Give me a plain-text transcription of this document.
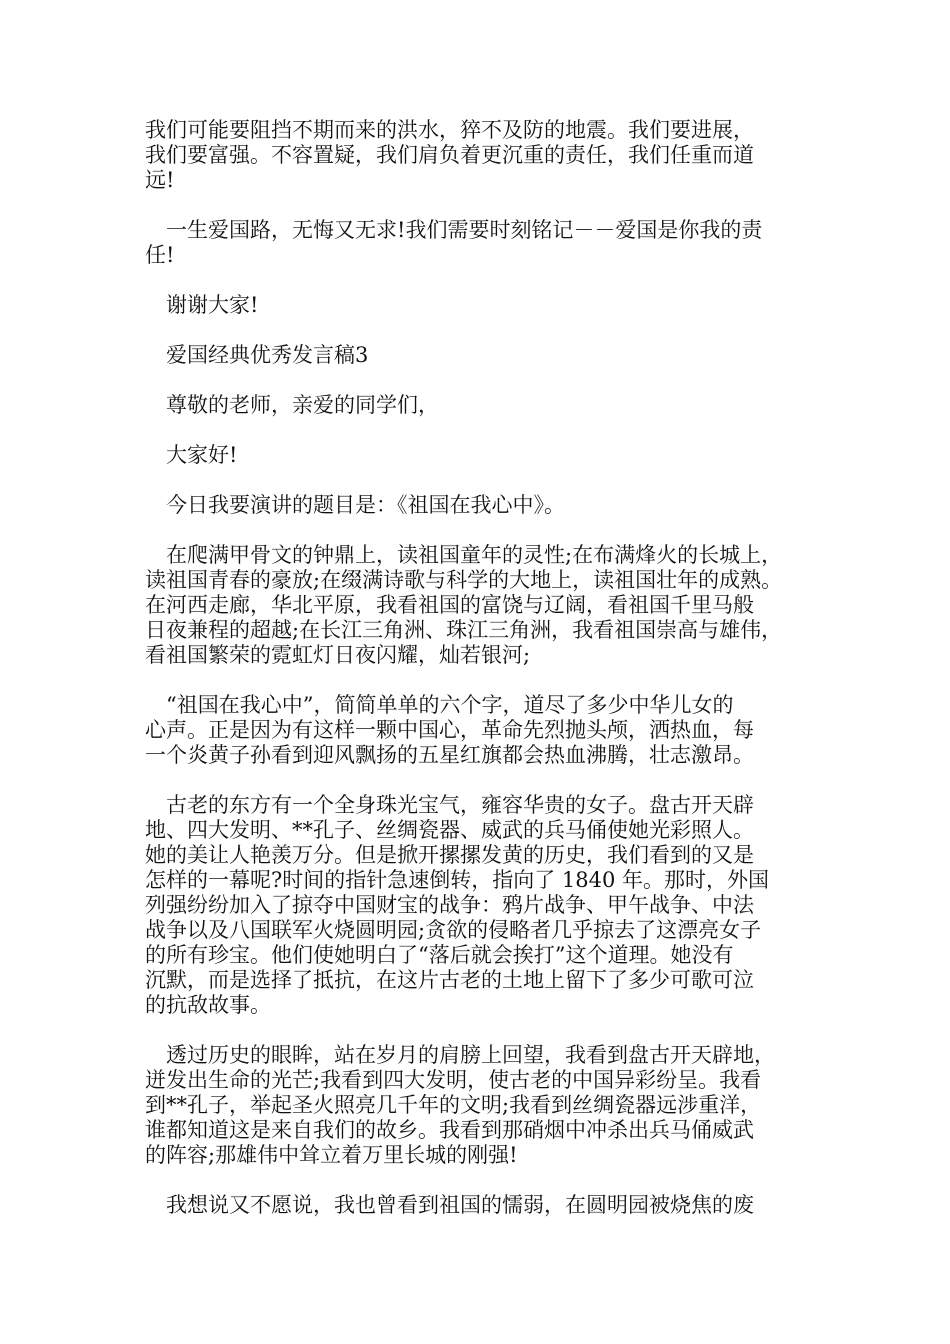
我们可能要阻挡不期而来的洪水，猝不及防的地震。我们要进展，
我们要富强。不容置疑，我们肩负着更沉重的责任，我们任重而道
远!

一生爱国路，无悔又无求!我们需要时刻铭记－－爱国是你我的责
任!

谢谢大家!

爱国经典优秀发言稿3

尊敬的老师，亲爱的同学们，

大家好!

今日我要演讲的题目是：《祖国在我心中》。

在爬满甲骨文的钟鼎上，读祖国童年的灵性;在布满烽火的长城上，
读祖国青春的豪放;在缀满诗歌与科学的大地上，读祖国壮年的成熟。
在河西走廊，华北平原，我看祖国的富饶与辽阔，看祖国千里马般
日夜兼程的超越;在长江三角洲、珠江三角洲，我看祖国崇高与雄伟，
看祖国繁荣的霓虹灯日夜闪耀，灿若银河;

“祖国在我心中”，简简单单的六个字，道尽了多少中华儿女的
心声。正是因为有这样一颗中国心，革命先烈抛头颅，洒热血，每
一个炎黄子孙看到迎风飘扬的五星红旗都会热血沸腾，壮志激昂。

古老的东方有一个全身珠光宝气，雍容华贵的女子。盘古开天辟
地、四大发明、**孔子、丝绸瓷器、威武的兵马俑使她光彩照人。
她的美让人艳羡万分。但是掀开摞摞发黄的历史，我们看到的又是
怎样的一幕呢?时间的指针急速倒转，指向了 1840 年。那时，外国
列强纷纷加入了掠夺中国财宝的战争：鸦片战争、甲午战争、中法
战争以及八国联军火烧圆明园;贪欲的侵略者几乎掠去了这漂亮女子
的所有珍宝。他们使她明白了“落后就会挨打”这个道理。她没有
沉默，而是选择了抵抗，在这片古老的土地上留下了多少可歌可泣
的抗敌故事。

透过历史的眼眸，站在岁月的肩膀上回望，我看到盘古开天辟地，
迸发出生命的光芒;我看到四大发明，使古老的中国异彩纷呈。我看
到**孔子，举起圣火照亮几千年的文明;我看到丝绸瓷器远涉重洋，
谁都知道这是来自我们的故乡。我看到那硝烟中冲杀出兵马俑威武
的阵容;那雄伟中耸立着万里长城的刚强!

我想说又不愿说，我也曾看到祖国的懦弱，在圆明园被烧焦的废
